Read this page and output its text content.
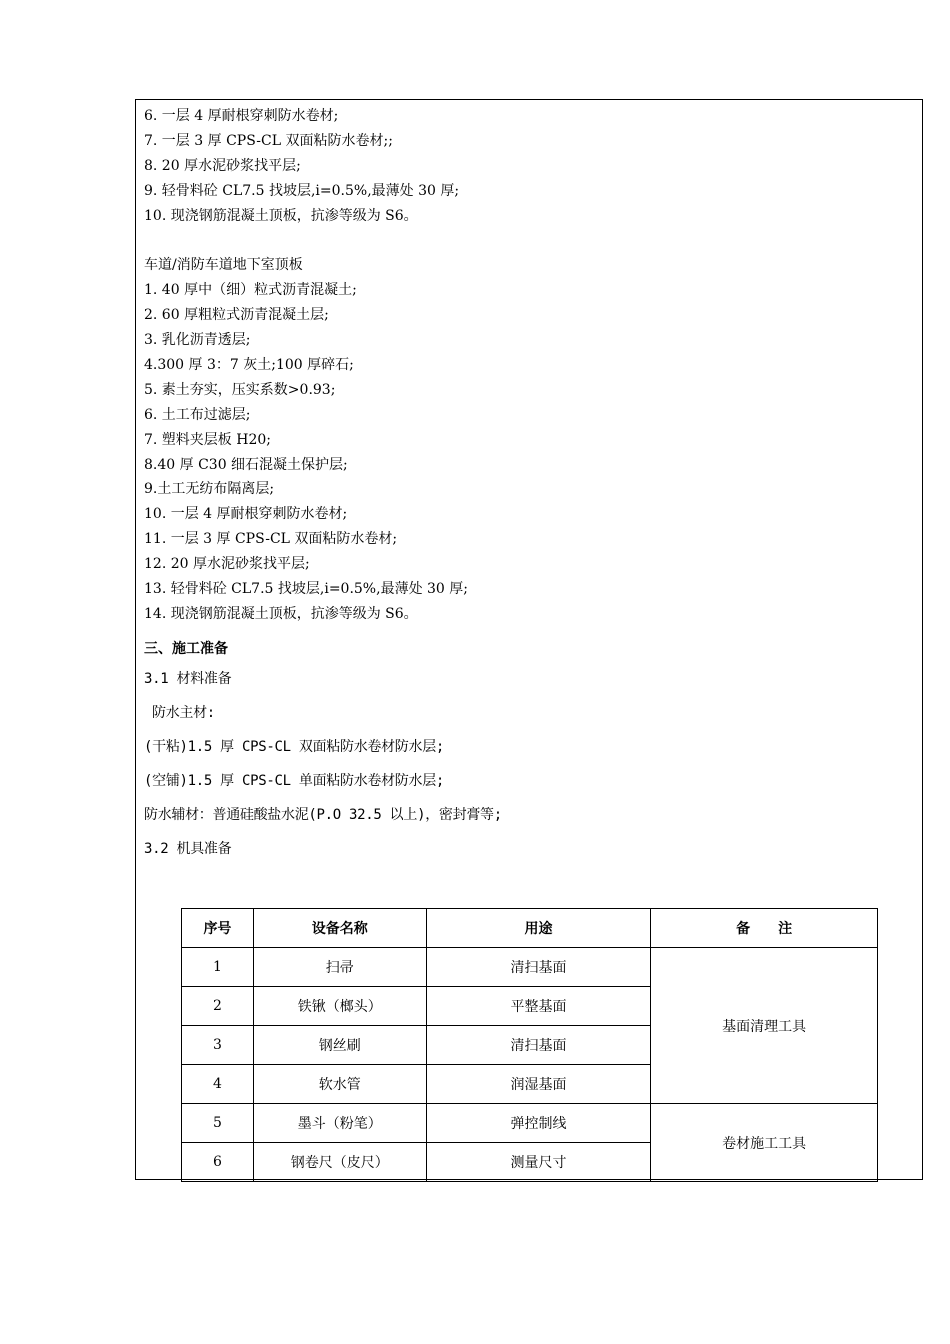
6. 一层 4 厚耐根穿刺防水卷材;
7. 一层 3 厚 CPS-CL 双面粘防水卷材;;
8. 20 厚水泥砂浆找平层;
9. 轻骨料砼 CL7.5 找坡层,i=0.5%,最薄处 30 厚;
10. 现浇钢筋混凝土顶板，抗渗等级为 S6。
车道/消防车道地下室顶板
1. 40 厚中（细）粒式沥青混凝土;
2. 60 厚粗粒式沥青混凝土层;
3. 乳化沥青透层;
4.300 厚 3：7 灰土;100 厚碎石;
5. 素土夯实，压实系数>0.93;
6. 土工布过滤层;
7. 塑料夹层板 H20;
8.40 厚 C30 细石混凝土保护层;
9.土工无纺布隔离层;
10. 一层 4 厚耐根穿刺防水卷材;
11. 一层 3 厚 CPS-CL 双面粘防水卷材;
12. 20 厚水泥砂浆找平层;
13. 轻骨料砼 CL7.5 找坡层,i=0.5%,最薄处 30 厚;
14. 现浇钢筋混凝土顶板，抗渗等级为 S6。
三、施工准备
3.1 材料准备
防水主材:
(干粘)1.5 厚 CPS-CL 双面粘防水卷材防水层;
(空铺)1.5 厚 CPS-CL 单面粘防水卷材防水层;
防水辅材：普通硅酸盐水泥(P.O 32.5 以上)，密封膏等;
3.2 机具准备
序号	设备名称	用途	备　　注
1	扫帚	清扫基面	基面清理工具
2	铁锹（榔头）	平整基面	
3	钢丝刷	清扫基面	
4	软水管	润湿基面	
5	墨斗（粉笔）	弹控制线	卷材施工工具
6	钢卷尺（皮尺）	测量尺寸	
